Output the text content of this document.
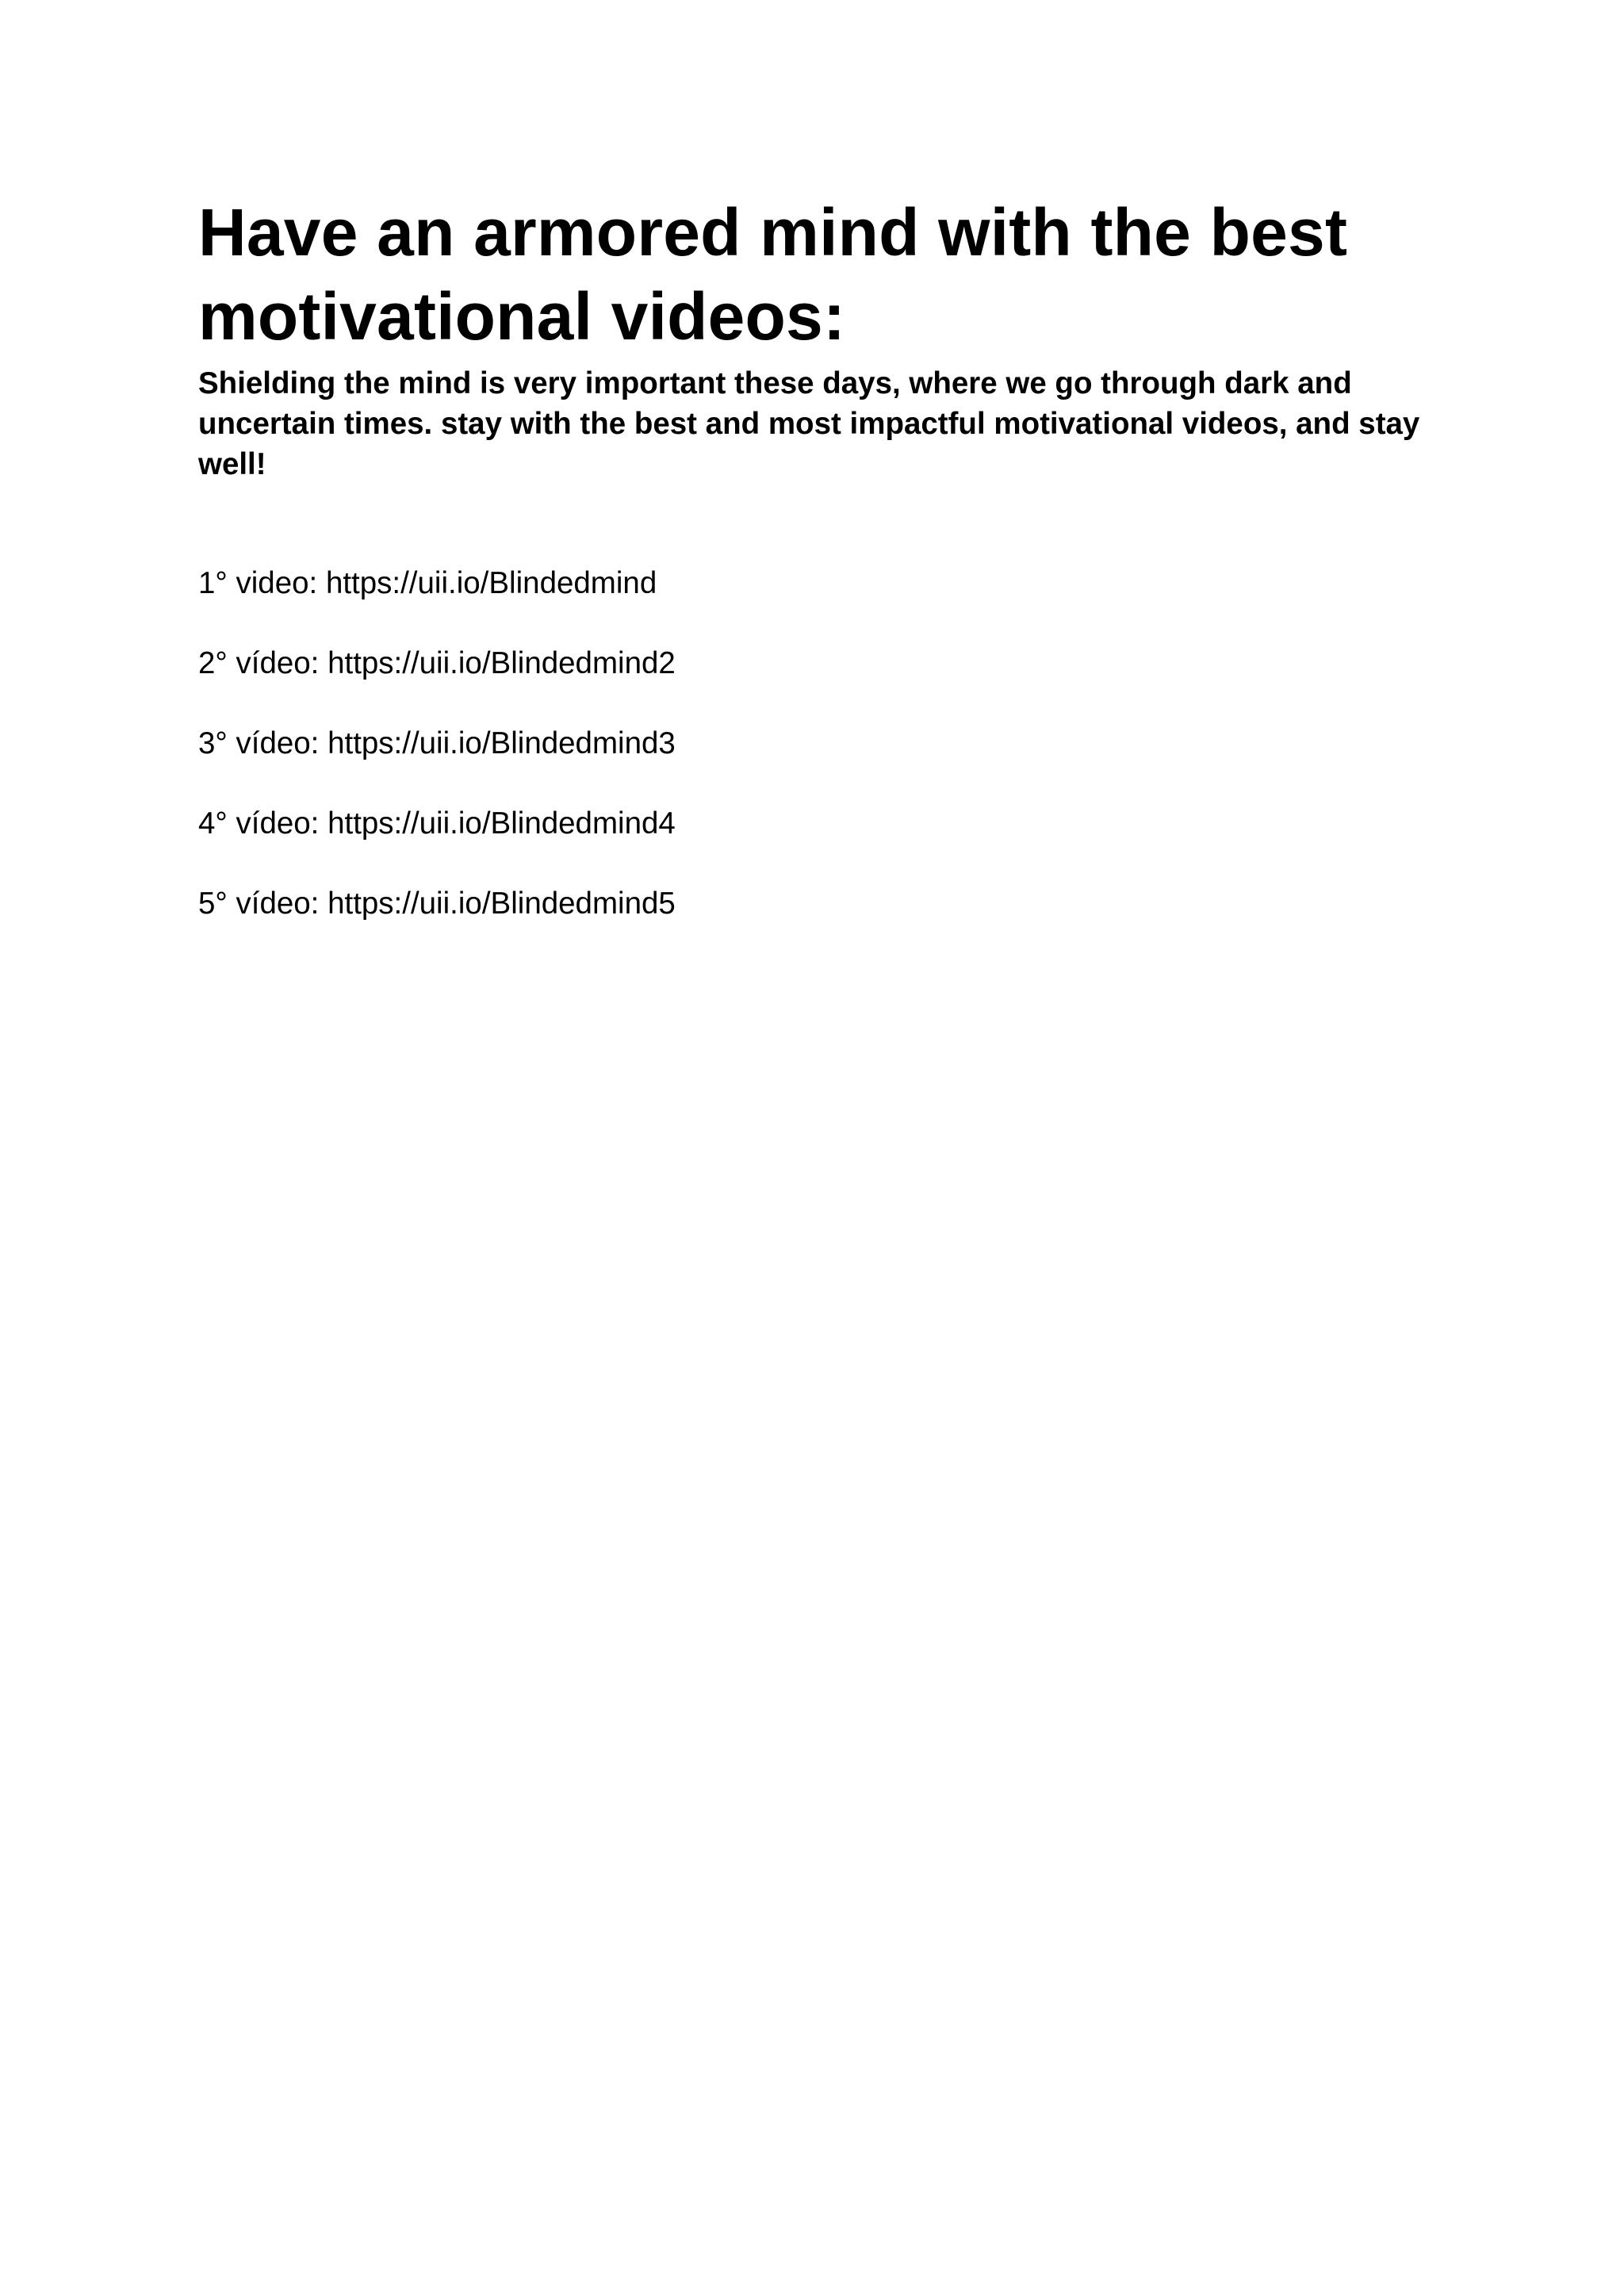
Have an armored mind with the best motivational videos:

Shielding the mind is very important these days, where we go through dark and uncertain times. stay with the best and most impactful motivational videos, and stay well!

1° video: https://uii.io/Blindedmind
2° vídeo: https://uii.io/Blindedmind2
3° vídeo: https://uii.io/Blindedmind3
4° vídeo: https://uii.io/Blindedmind4
5° vídeo: https://uii.io/Blindedmind5
